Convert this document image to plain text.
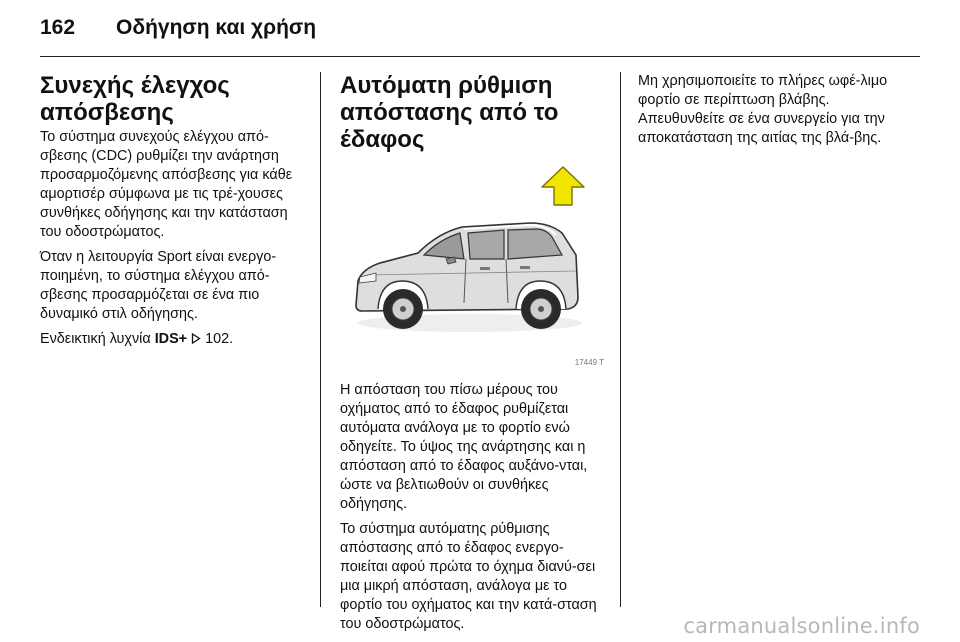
162	Οδήγηση και χρήση
Συνεχής έλεγχος απόσβεσης

Το σύστημα συνεχούς ελέγχου από-σβεσης (CDC) ρυθμίζει την ανάρτηση προσαρμοζόμενης απόσβεσης για κάθε αμορτισέρ σύμφωνα με τις τρέ-χουσες συνθήκες οδήγησης και την κατάσταση του οδοστρώματος.

Όταν η λειτουργία Sport είναι ενεργο-ποιημένη, το σύστημα ελέγχου από-σβεσης προσαρμόζεται σε ένα πιο δυναμικό στιλ οδήγησης.

Ενδεικτική λυχνία IDS+ 102.

Αυτόματη ρύθμιση απόστασης από το έδαφος
17449 T

Η απόσταση του πίσω μέρους του οχήματος από το έδαφος ρυθμίζεται αυτόματα ανάλογα με το φορτίο ενώ οδηγείτε. Το ύψος της ανάρτησης και η απόσταση από το έδαφος αυξάνο-νται, ώστε να βελτιωθούν οι συνθήκες οδήγησης.

Το σύστημα αυτόματης ρύθμισης απόστασης από το έδαφος ενεργο-ποιείται αφού πρώτα το όχημα διανύ-σει μια μικρή απόσταση, ανάλογα με το φορτίο του οχήματος και την κατά-σταση του οδοστρώματος.

Μη χρησιμοποιείτε το πλήρες ωφέ-λιμο φορτίο σε περίπτωση βλάβης. Απευθυνθείτε σε ένα συνεργείο για την αποκατάσταση της αιτίας της βλά-βης.

carmanualsonline.info
